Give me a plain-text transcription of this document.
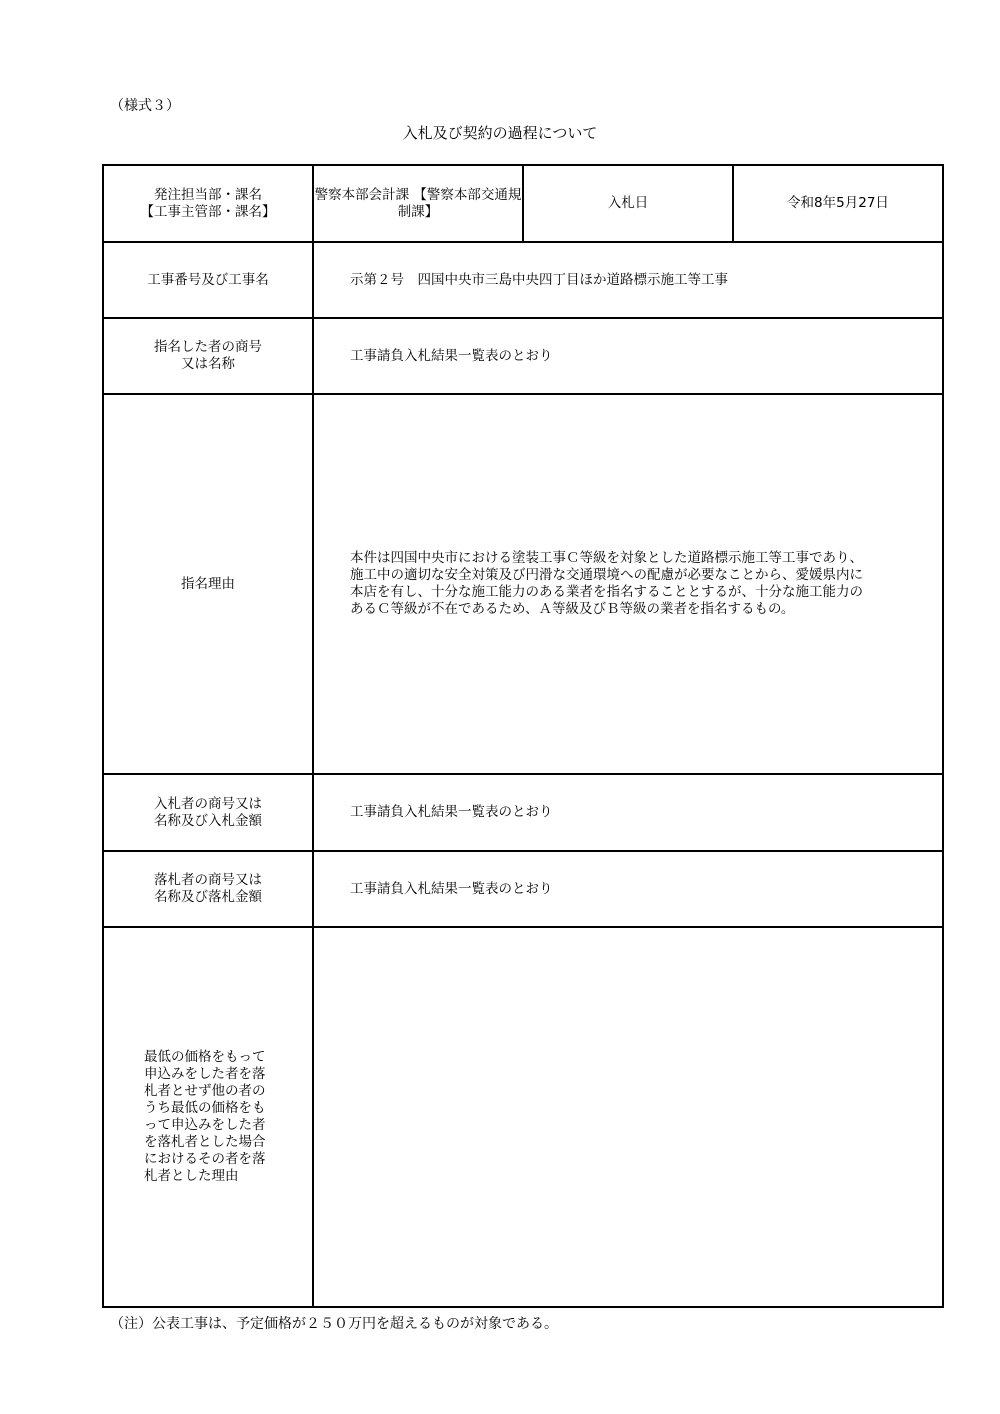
（様式３）
入札及び契約の過程について
発注担当部・課名
【工事主管部・課名】	警察本部会計課 【警察本部交通規制課】	入札日	令和8年5月27日
工事番号及び工事名	示第２号　四国中央市三島中央四丁目ほか道路標示施工等工事		

指名した者の商号
又は名称	工事請負入札結果一覧表のとおり		
指名理由	本件は四国中央市における塗装工事Ｃ等級を対象とした道路標示施工等工事であり、
施工中の適切な安全対策及び円滑な交通環境への配慮が必要なことから、愛媛県内に
本店を有し、十分な施工能力のある業者を指名することとするが、十分な施工能力の
あるＣ等級が不在であるため、Ａ等級及びＢ等級の業者を指名するもの。		

入札者の商号又は
名称及び入札金額	工事請負入札結果一覧表のとおり		

落札者の商号又は
名称及び落札金額	工事請負入札結果一覧表のとおり		
最低の価格をもって 申込みをした者を落 札者とせず他の者の うち最低の価格をも って申込みをした者 を落札者とした場合 におけるその者を落 札者とした理由			
（注）公表工事は、予定価格が２５０万円を超えるものが対象である。
